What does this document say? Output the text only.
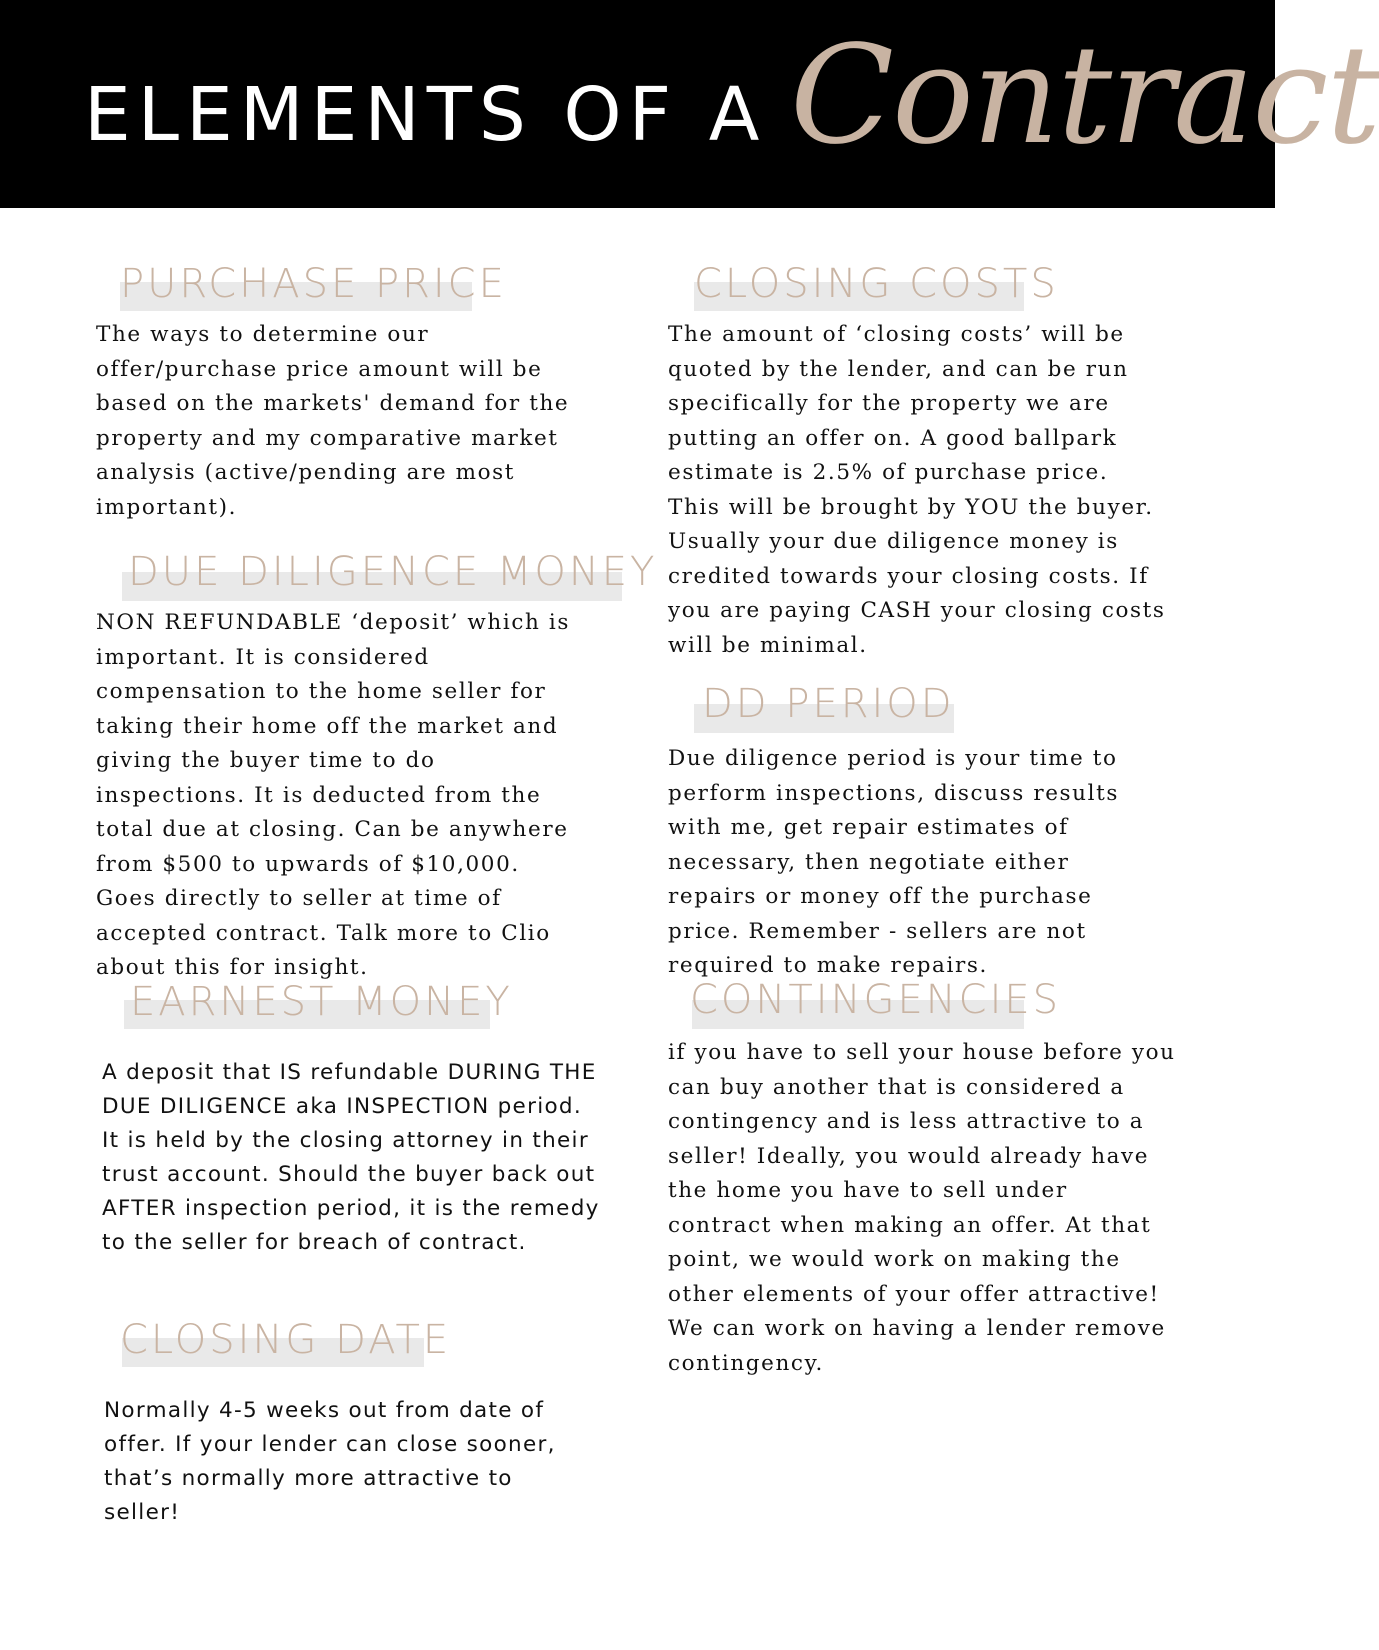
ELEMENTS OF A Contract
PURCHASE PRICE

The ways to determine our offer/purchase price amount will be based on the markets' demand for the property and my comparative market analysis (active/pending are most important).

DUE DILIGENCE MONEY

NON REFUNDABLE ‘deposit’ which is important. It is considered compensation to the home seller for taking their home off the market and giving the buyer time to do inspections. It is deducted from the total due at closing. Can be anywhere from $500 to upwards of $10,000. Goes directly to seller at time of accepted contract. Talk more to Clio about this for insight.

EARNEST MONEY

A deposit that IS refundable DURING THE DUE DILIGENCE aka INSPECTION period. It is held by the closing attorney in their trust account. Should the buyer back out AFTER inspection period, it is the remedy to the seller for breach of contract.

CLOSING DATE

Normally 4-5 weeks out from date of offer. If your lender can close sooner, that’s normally more attractive to seller!

CLOSING COSTS

The amount of ‘closing costs’ will be quoted by the lender, and can be run specifically for the property we are putting an offer on. A good ballpark estimate is 2.5% of purchase price. This will be brought by YOU the buyer. Usually your due diligence money is credited towards your closing costs. If you are paying CASH your closing costs will be minimal.

DD PERIOD

Due diligence period is your time to perform inspections, discuss results with me, get repair estimates of necessary, then negotiate either repairs or money off the purchase price. Remember - sellers are not required to make repairs.

CONTINGENCIES

if you have to sell your house before you can buy another that is considered a contingency and is less attractive to a seller! Ideally, you would already have the home you have to sell under contract when making an offer. At that point, we would work on making the other elements of your offer attractive! We can work on having a lender remove contingency.
